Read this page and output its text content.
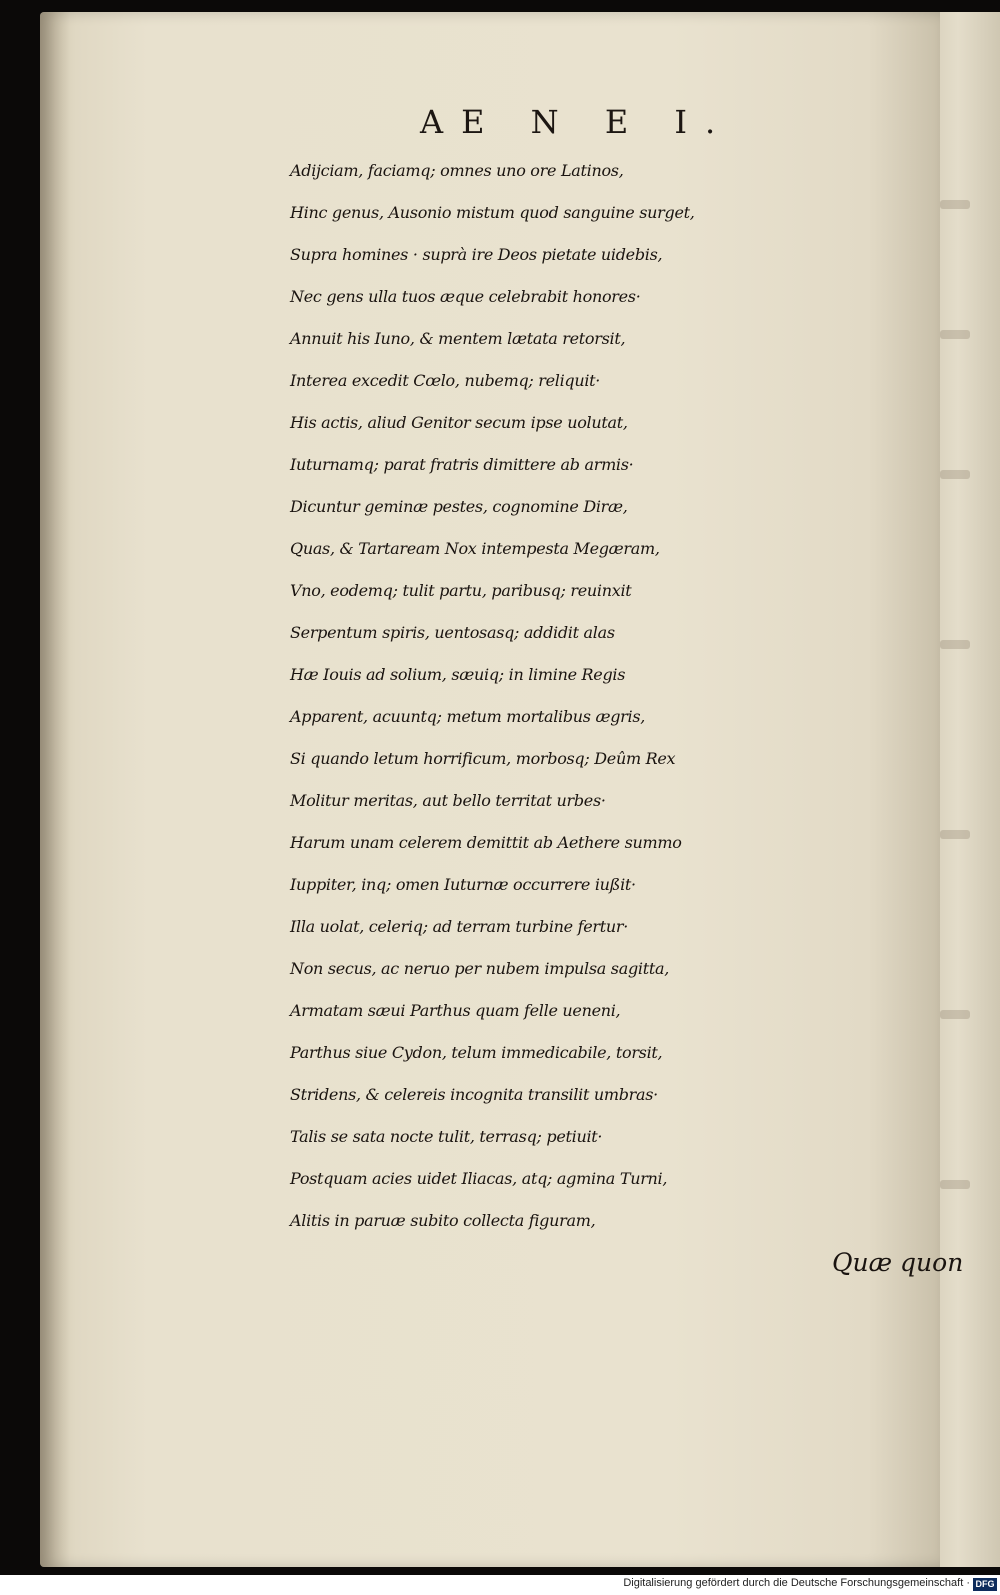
AE N E I.
Adijciam, faciamq; omnes uno ore Latinos,
Hinc genus, Ausonio mistum quod sanguine surget,
Supra homines · suprà ire Deos pietate uidebis,
Nec gens ulla tuos æque celebrabit honores·
Annuit his Iuno, & mentem lætata retorsit,
Interea excedit Cœlo, nubemq; reliquit·
His actis, aliud Genitor secum ipse uolutat,
Iuturnamq; parat fratris dimittere ab armis·
Dicuntur geminæ pestes, cognomine Diræ,
Quas, & Tartaream Nox intempesta Megæram,
Vno, eodemq; tulit partu, paribusq; reuinxit
Serpentum spiris, uentosasq; addidit alas
Hæ Iouis ad solium, sæuiq; in limine Regis
Apparent, acuuntq; metum mortalibus ægris,
Si quando letum horrificum, morbosq; Deûm Rex
Molitur meritas, aut bello territat urbes·
Harum unam celerem demittit ab Aethere summo
Iuppiter, inq; omen Iuturnæ occurrere iußit·
Illa uolat, celeriq; ad terram turbine fertur·
Non secus, ac neruo per nubem impulsa sagitta,
Armatam sæui Parthus quam felle ueneni,
Parthus siue Cydon, telum immedicabile, torsit,
Stridens, & celereis incognita transilit umbras·
Talis se sata nocte tulit, terrasq; petiuit·
Postquam acies uidet Iliacas, atq; agmina Turni,
Alitis in paruæ subito collecta figuram,
Quæ quon
Digitalisierung gefördert durch die Deutsche Forschungsgemeinschaft · DFG
